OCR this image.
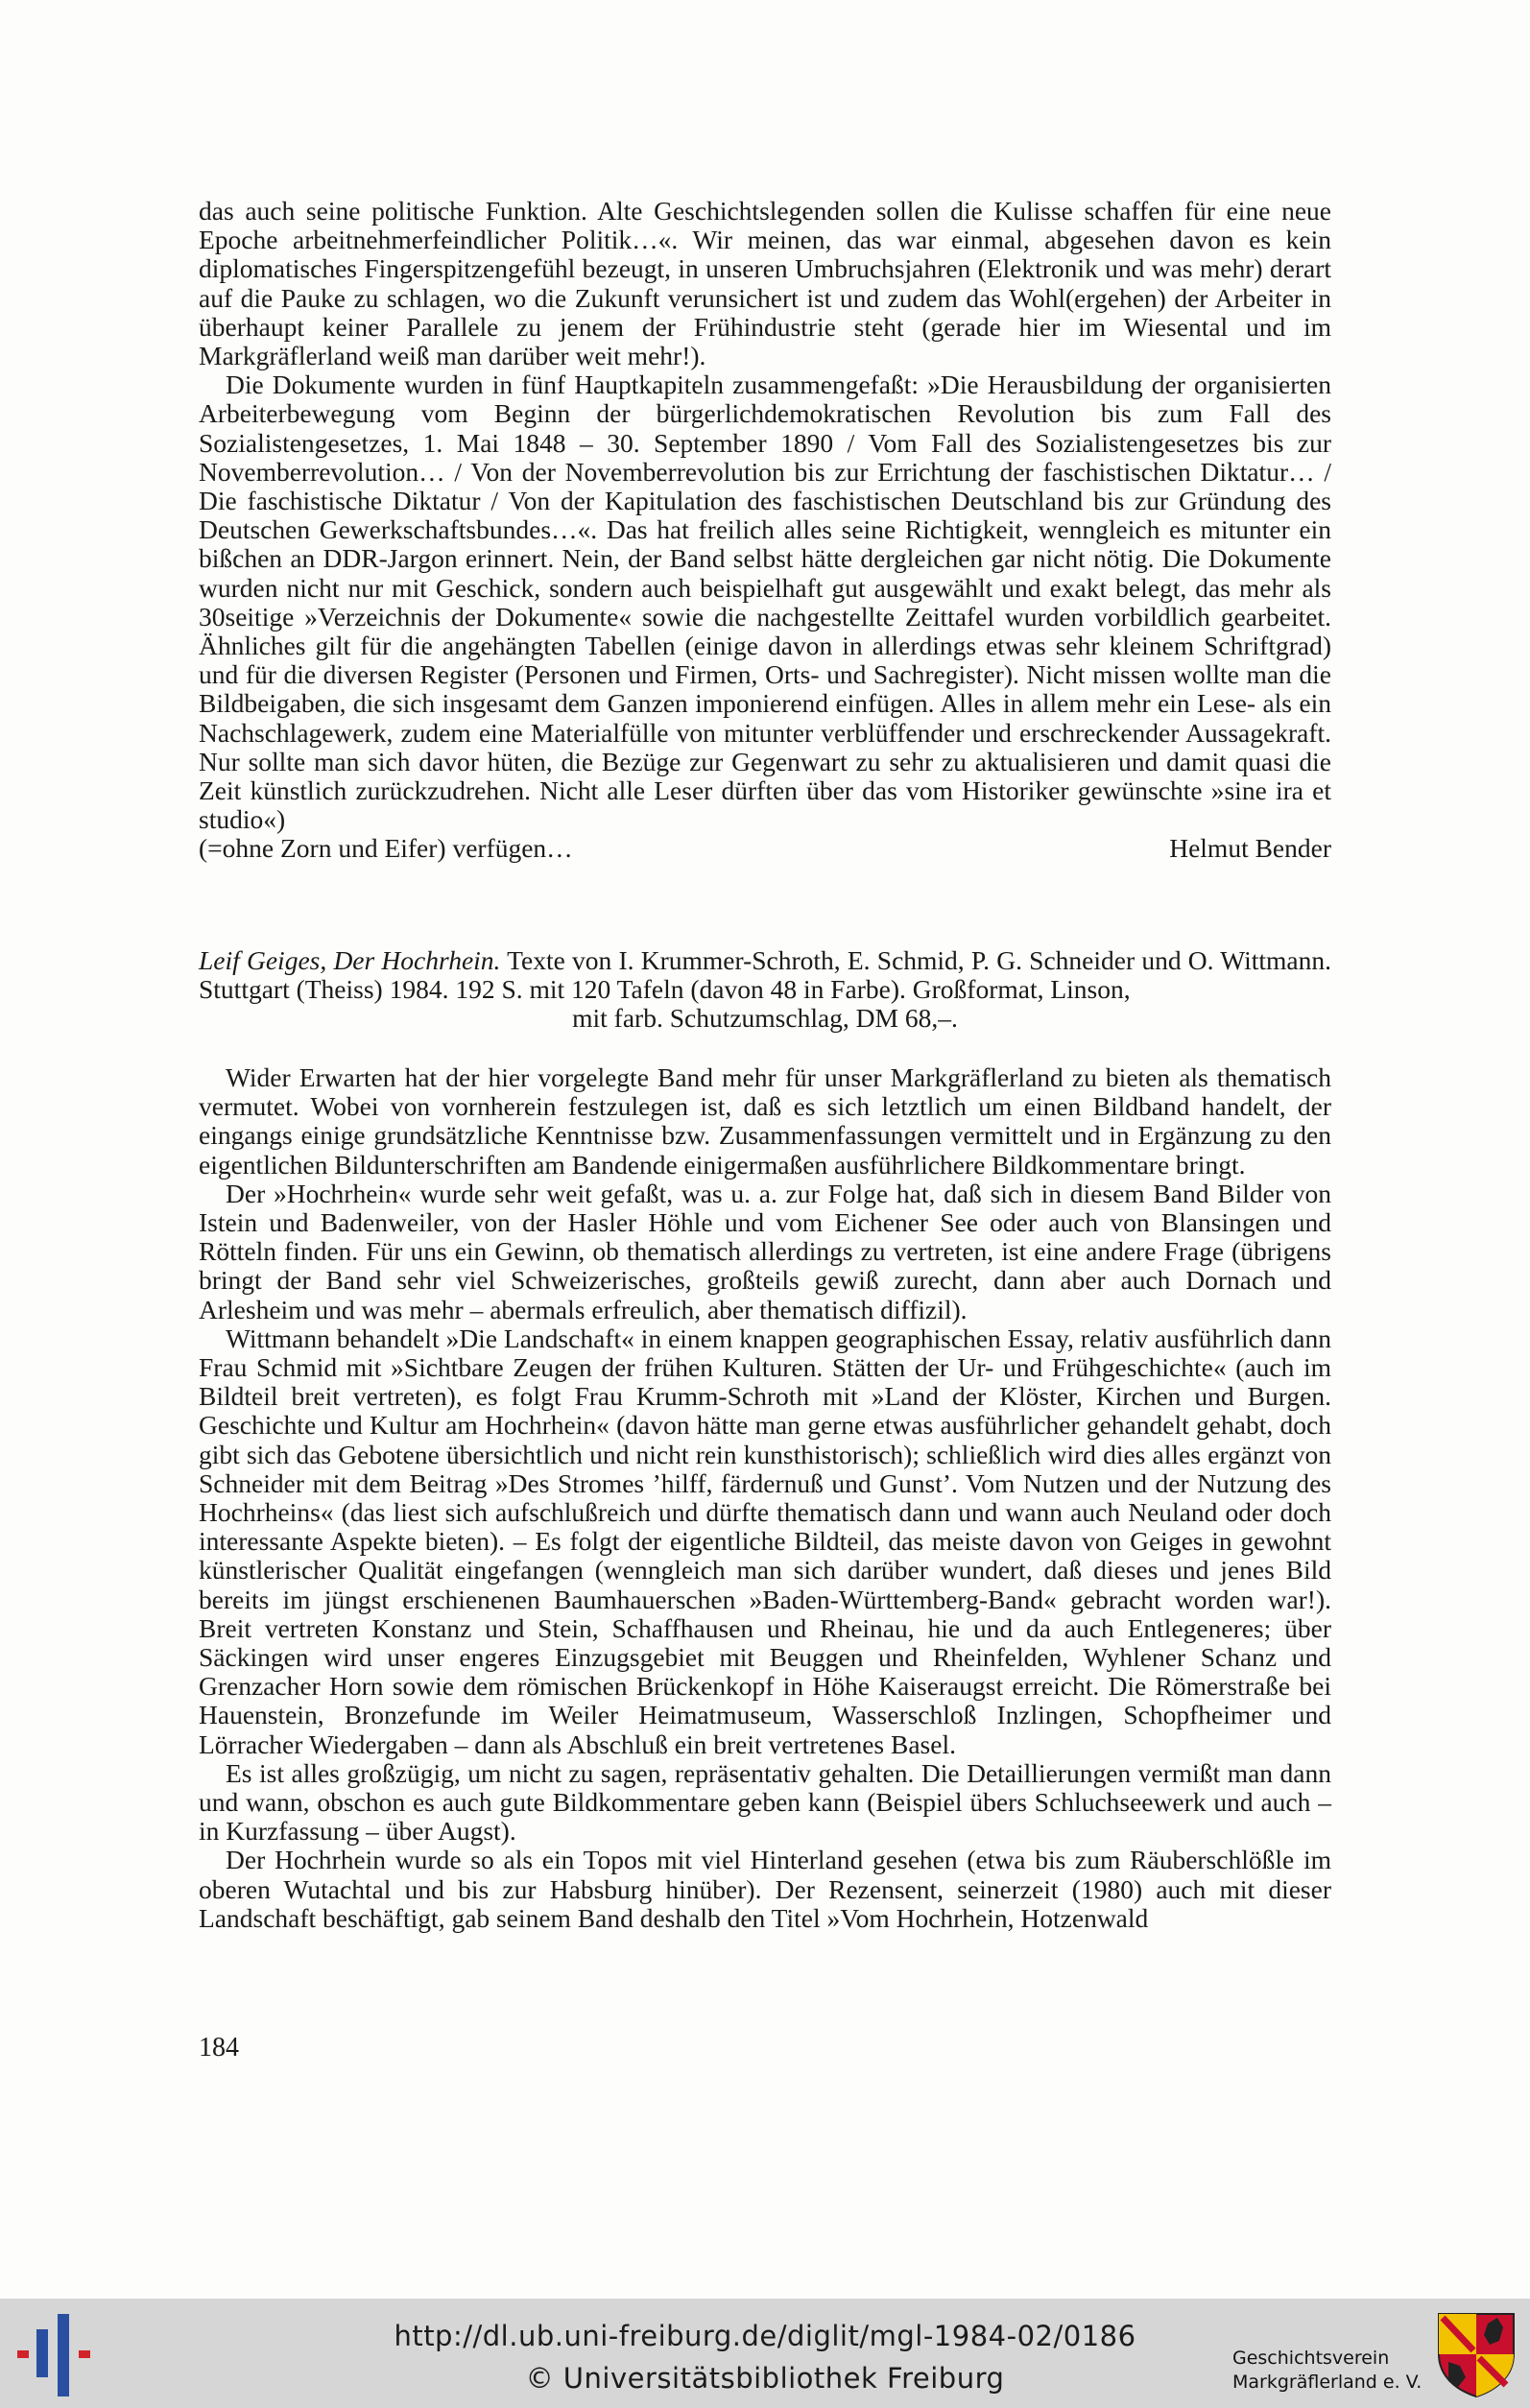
das auch seine politische Funktion. Alte Geschichtslegenden sollen die Kulisse schaffen für eine neue Epoche arbeitnehmerfeindlicher Politik…«. Wir meinen, das war einmal, abgesehen davon es kein diplomatisches Fingerspitzengefühl bezeugt, in unseren Umbruchsjahren (Elektronik und was mehr) derart auf die Pauke zu schlagen, wo die Zukunft verunsichert ist und zudem das Wohl(ergehen) der Arbeiter in überhaupt keiner Parallele zu jenem der Frühindustrie steht (gerade hier im Wiesental und im Markgräflerland weiß man darüber weit mehr!).

Die Dokumente wurden in fünf Hauptkapiteln zusammengefaßt: »Die Herausbildung der organisierten Arbeiterbewegung vom Beginn der bürgerlichdemokratischen Revolution bis zum Fall des Sozialistengesetzes, 1. Mai 1848 – 30. September 1890 / Vom Fall des Sozialistengesetzes bis zur Novemberrevolution… / Von der Novemberrevolution bis zur Errichtung der faschistischen Diktatur… / Die faschistische Diktatur / Von der Kapitulation des faschistischen Deutschland bis zur Gründung des Deutschen Gewerkschaftsbundes…«. Das hat freilich alles seine Richtigkeit, wenngleich es mitunter ein bißchen an DDR-Jargon erinnert. Nein, der Band selbst hätte dergleichen gar nicht nötig. Die Dokumente wurden nicht nur mit Geschick, sondern auch beispielhaft gut ausgewählt und exakt belegt, das mehr als 30seitige »Verzeichnis der Dokumente« sowie die nachgestellte Zeittafel wurden vorbildlich gearbeitet. Ähnliches gilt für die angehängten Tabellen (einige davon in allerdings etwas sehr kleinem Schriftgrad) und für die diversen Register (Personen und Firmen, Orts- und Sachregister). Nicht missen wollte man die Bildbeigaben, die sich insgesamt dem Ganzen imponierend einfügen. Alles in allem mehr ein Lese- als ein Nachschlagewerk, zudem eine Materialfülle von mitunter verblüffender und erschreckender Aussagekraft. Nur sollte man sich davor hüten, die Bezüge zur Gegenwart zu sehr zu aktualisieren und damit quasi die Zeit künstlich zurückzudrehen. Nicht alle Leser dürften über das vom Historiker gewünschte »sine ira et studio«)

(=ohne Zorn und Eifer) verfügen…	Helmut Bender
Leif Geiges, Der Hochrhein. Texte von I. Krummer-Schroth, E. Schmid, P. G. Schneider und O. Wittmann. Stuttgart (Theiss) 1984. 192 S. mit 120 Tafeln (davon 48 in Farbe). Großformat, Linson,
mit farb. Schutzumschlag, DM 68,–.

Wider Erwarten hat der hier vorgelegte Band mehr für unser Markgräflerland zu bieten als thematisch vermutet. Wobei von vornherein festzulegen ist, daß es sich letztlich um einen Bildband handelt, der eingangs einige grundsätzliche Kenntnisse bzw. Zusammenfassungen vermittelt und in Ergänzung zu den eigentlichen Bildunterschriften am Bandende einigermaßen ausführlichere Bildkommentare bringt.

Der »Hochrhein« wurde sehr weit gefaßt, was u. a. zur Folge hat, daß sich in diesem Band Bilder von Istein und Badenweiler, von der Hasler Höhle und vom Eichener See oder auch von Blansingen und Rötteln finden. Für uns ein Gewinn, ob thematisch allerdings zu vertreten, ist eine andere Frage (übrigens bringt der Band sehr viel Schweizerisches, großteils gewiß zurecht, dann aber auch Dornach und Arlesheim und was mehr – abermals erfreulich, aber thematisch diffizil).

Wittmann behandelt »Die Landschaft« in einem knappen geographischen Essay, relativ ausführlich dann Frau Schmid mit »Sichtbare Zeugen der frühen Kulturen. Stätten der Ur- und Frühgeschichte« (auch im Bildteil breit vertreten), es folgt Frau Krumm-Schroth mit »Land der Klöster, Kirchen und Burgen. Geschichte und Kultur am Hochrhein« (davon hätte man gerne etwas ausführlicher gehandelt gehabt, doch gibt sich das Gebotene übersichtlich und nicht rein kunsthistorisch); schließlich wird dies alles ergänzt von Schneider mit dem Beitrag »Des Stromes ’hilff, färdernuß und Gunst’. Vom Nutzen und der Nutzung des Hochrheins« (das liest sich aufschlußreich und dürfte thematisch dann und wann auch Neuland oder doch interessante Aspekte bieten). – Es folgt der eigentliche Bildteil, das meiste davon von Geiges in gewohnt künstlerischer Qualität eingefangen (wenngleich man sich darüber wundert, daß dieses und jenes Bild bereits im jüngst erschienenen Baumhauerschen »Baden-Württemberg-Band« gebracht worden war!). Breit vertreten Konstanz und Stein, Schaffhausen und Rheinau, hie und da auch Entlegeneres; über Säckingen wird unser engeres Einzugsgebiet mit Beuggen und Rheinfelden, Wyhlener Schanz und Grenzacher Horn sowie dem römischen Brückenkopf in Höhe Kaiseraugst erreicht. Die Römerstraße bei Hauenstein, Bronzefunde im Weiler Heimatmuseum, Wasserschloß Inzlingen, Schopfheimer und Lörracher Wiedergaben – dann als Abschluß ein breit vertretenes Basel.

Es ist alles großzügig, um nicht zu sagen, repräsentativ gehalten. Die Detaillierungen vermißt man dann und wann, obschon es auch gute Bildkommentare geben kann (Beispiel übers Schluchseewerk und auch – in Kurzfassung – über Augst).

Der Hochrhein wurde so als ein Topos mit viel Hinterland gesehen (etwa bis zum Räuberschlößle im oberen Wutachtal und bis zur Habsburg hinüber). Der Rezensent, seinerzeit (1980) auch mit dieser Landschaft beschäftigt, gab seinem Band deshalb den Titel »Vom Hochrhein, Hotzenwald

184
http://dl.ub.uni-freiburg.de/diglit/mgl-1984-02/0186
© Universitätsbibliothek Freiburg
Geschichtsverein
Markgräflerland e. V.
